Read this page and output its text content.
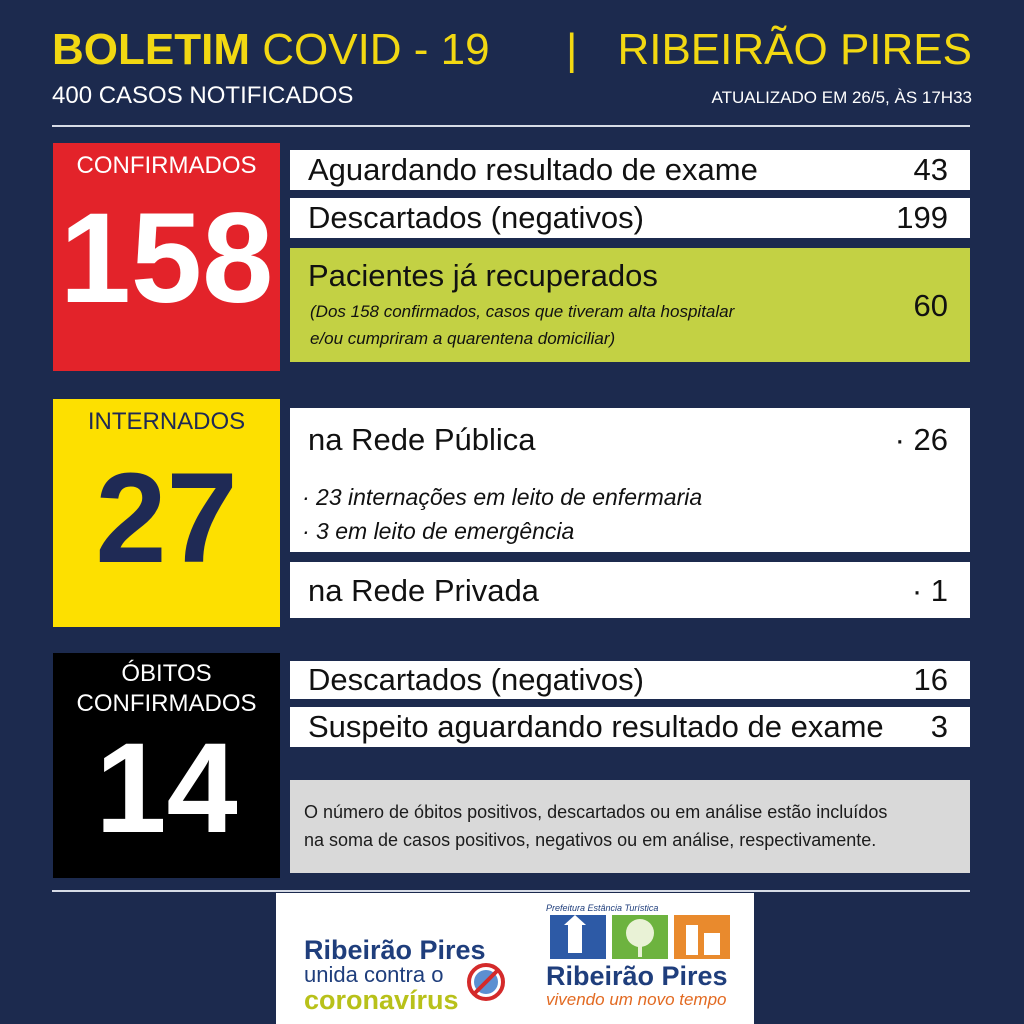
BOLETIM COVID - 19 | RIBEIRÃO PIRES
400 CASOS NOTIFICADOS	ATUALIZADO EM 26/5, ÀS 17H33
CONFIRMADOS
158
Aguardando resultado de exame	43
Descartados (negativos)	199
Pacientes já recuperados
(Dos 158 confirmados, casos que tiveram alta hospitalar
e/ou cumpriram a quarentena domiciliar)
60
INTERNADOS
27
na Rede Pública	· 26
· 23 internações em leito de enfermaria
· 3 em leito de emergência
na Rede Privada	· 1
ÓBITOS
CONFIRMADOS
14
Descartados (negativos)	16
Suspeito aguardando resultado de exame 3
O número de óbitos positivos, descartados ou em análise estão incluídos
na soma de casos positivos, negativos ou em análise, respectivamente.
Ribeirão Pires
unida contra o
coronavírus
Prefeitura Estância Turística
Ribeirão Pires
vivendo um novo tempo
